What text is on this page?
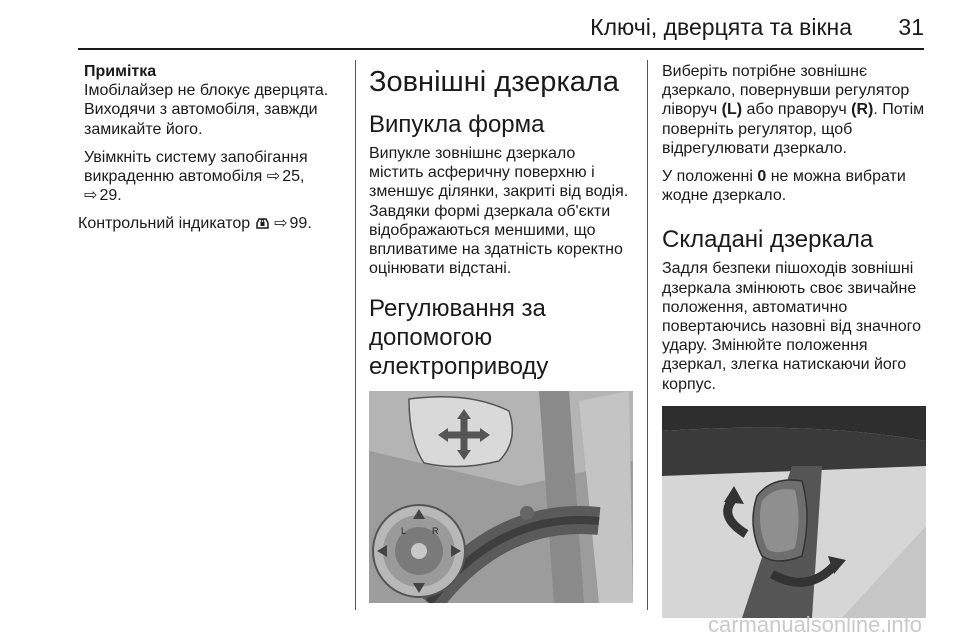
Ключі, дверцята та вікна 31
Примітка

Імобілайзер не блокує дверцята. Виходячи з автомобіля, завжди замикайте його.

Увімкніть систему запобігання викраденню автомобіля ⇨ 25,
⇨ 29.

Контрольний індикатор ⇨ 99.

Зовнішні дзеркала
Випукла форма

Випукле зовнішнє дзеркало містить асферичну поверхню і зменшує ділянки, закриті від водія. Завдяки формі дзеркала об'єкти відображаються меншими, що впливатиме на здатність коректно оцінювати відстані.

Регулювання за допомогою електроприводу
L	R

Виберіть потрібне зовнішнє дзеркало, повернувши регулятор ліворуч (L) або праворуч (R). Потім поверніть регулятор, щоб відрегулювати дзеркало.

У положенні 0 не можна вибрати жодне дзеркало.

Складані дзеркала

Задля безпеки пішоходів зовнішні дзеркала змінюють своє звичайне положення, автоматично повертаючись назовні від значного удару. Змінюйте положення дзеркал, злегка натискаючи його корпус.

carmanualsonline.info
